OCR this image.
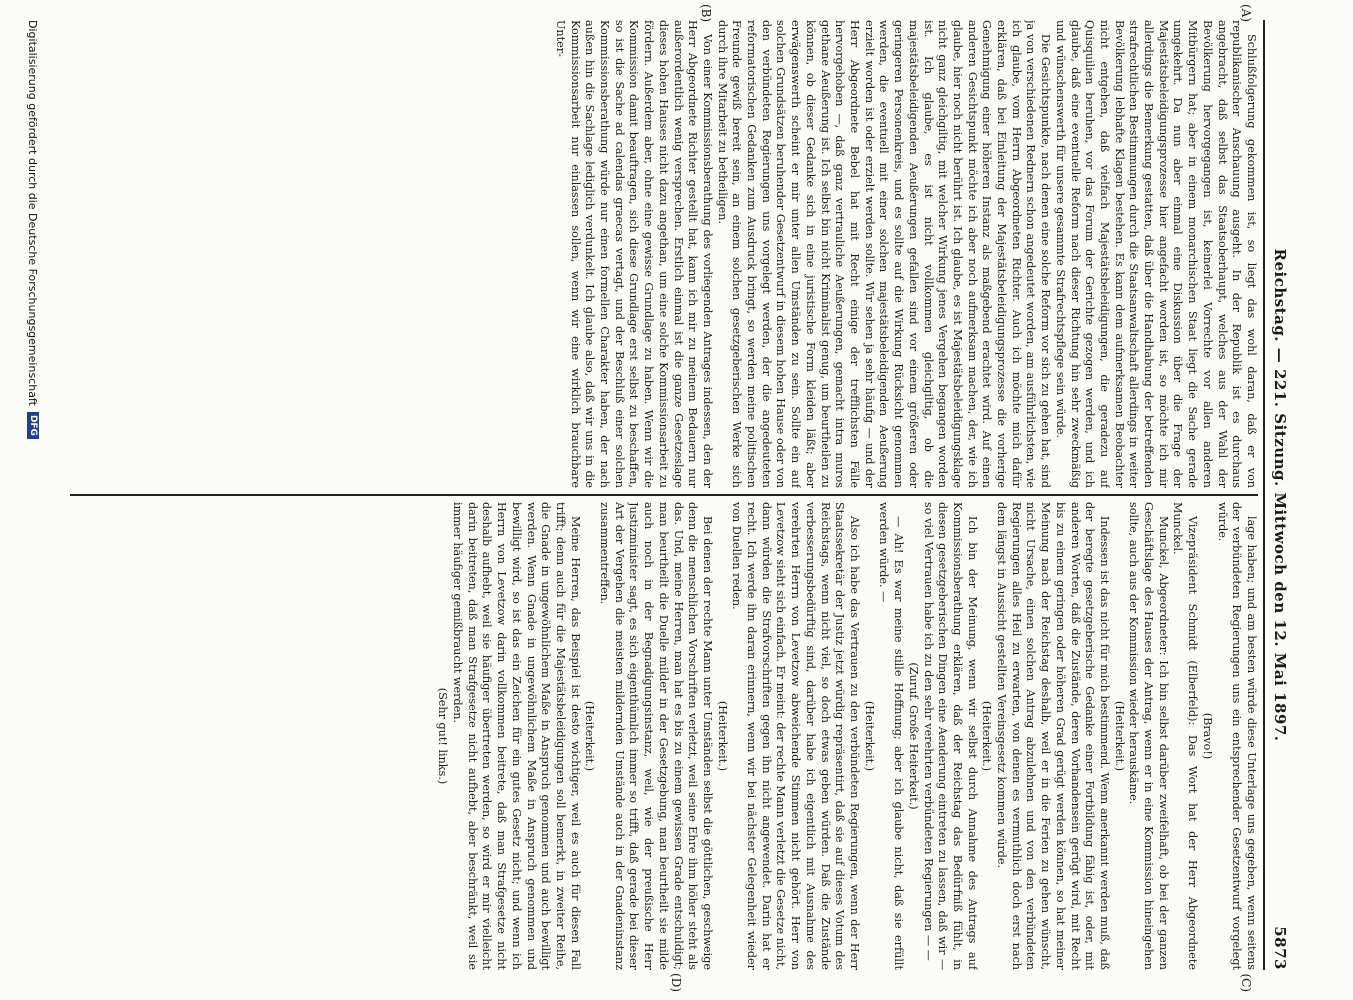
Reichstag. — 221. Sitzung. Mittwoch den 12. Mai 1897.
5873
(A)
(B)
(C)
(D)

Schlußfolgerung gekommen ist, so liegt das wohl daran, daß er von republikanischer Anschauung ausgeht. In der Republik ist es durchaus angebracht, daß selbst das Staatsoberhaupt, welches aus der Wahl der Bevölkerung hervorgegangen ist, keinerlei Vorrechte vor allen anderen Mitbürgern hat; aber in einem monarchischen Staat liegt die Sache gerade umgekehrt. Da nun aber einmal eine Diskussion über die Frage der Majestätsbeleidigungsprozesse hier angefacht worden ist, so möchte ich mir allerdings die Bemerkung gestatten, daß über die Handhabung der betreffenden strafrechtlichen Bestimmungen durch die Staatsanwaltschaft allerdings in weiter Bevölkerung lebhafte Klagen bestehen. Es kann dem aufmerksamen Beobachter nicht entgehen, daß vielfach Majestätsbeleidigungen, die geradezu auf Quisquilien beruhen, vor das Forum der Gerichte gezogen werden, und ich glaube, daß eine eventuelle Reform nach dieser Richtung hin sehr zweckmäßig und wünschenswerth für unsere gesammte Strafrechtspflege sein würde.

Die Gesichtspunkte, nach denen eine solche Reform vor sich zu gehen hat, sind ja von verschiedenen Rednern schon angedeutet worden, am ausführlichsten, wie ich glaube, vom Herrn Abgeordneten Richter. Auch ich möchte mich dafür erklären, daß bei Einleitung der Majestätsbeleidigungsprozesse die vorherige Genehmigung einer höheren Instanz als maßgebend erachtet wird. Auf einen anderen Gesichtspunkt möchte ich aber noch aufmerksam machen, der, wie ich glaube, hier noch nicht berührt ist. Ich glaube, es ist Majestätsbeleidigungsklage nicht ganz gleichgiltig, mit welcher Wirkung jenes Vergehen begangen worden ist. Ich glaube, es ist nicht vollkommen gleichgiltig, ob die majestätsbeleidigenden Aeußerungen gefallen sind vor einem größeren oder geringeren Personenkreis, und es sollte auf die Wirkung Rücksicht genommen werden, die eventuell mit einer solchen majestätsbeleidigenden Aeußerung erzielt worden ist oder erzielt werden sollte. Wir sehen ja sehr häufig — und der Herr Abgeordnete Bebel hat mit Recht einige der trefflichsten Fälle hervorgehoben —, daß ganz vertrauliche Aeußerungen, gemacht intra muros gethane Aeußerung ist. Ich selbst bin nicht Kriminalist genug, um beurtheilen zu können, ob dieser Gedanke sich in eine juristische Form kleiden läßt; aber erwägenswerth scheint er mir unter allen Umständen zu sein. Sollte ein auf solchen Grundsätzen beruhender Gesetzentwurf in diesem hohen Hause oder von den verbündeten Regierungen uns vorgelegt werden, der die angedeuteten reformatorischen Gedanken zum Ausdruck bringt, so werden meine politischen Freunde gewiß bereit sein, an einem solchen gesetzgeberischen Werke sich durch ihre Mitarbeit zu betheiligen.

Von einer Kommissionsberathung des vorliegenden Antrages indessen, den der Herr Abgeordnete Richter gestellt hat, kann ich mir zu meinem Bedauern nur außerordentlich wenig versprechen. Erstlich einmal ist die ganze Gesetzeslage dieses hohen Hauses nicht dazu angethan, um eine solche Kommissionsarbeit zu fördern. Außerdem aber, ohne eine gewisse Grundlage zu haben. Wenn wir die Kommission damit beauftragen, sich diese Grundlage erst selbst zu beschaffen, so ist die Sache ad calendas graecas vertagt, und der Beschluß einer solchen Kommissionsberathung würde nur einen formellen Charakter haben, der nach außen hin die Sachlage lediglich verdunkelt. Ich glaube also, daß wir uns in die Kommissionsarbeit nur einlassen sollen, wenn wir eine wirklich brauchbare Unter-

lage haben; und am besten würde diese Unterlage uns gegeben, wenn seitens der verbündeten Regierungen uns ein entsprechender Gesetzentwurf vorgelegt würde.

(Bravo!)

Vizepräsident Schmidt (Elberfeld): Das Wort hat der Herr Abgeordnete Munckel.

Munckel, Abgeordneter: Ich bin selbst darüber zweifelhaft, ob bei der ganzen Geschäftslage des Hauses der Antrag, wenn er in eine Kommission hineingehen sollte, auch aus der Kommission wieder herauskäme.

(Heiterkeit.)

Indessen ist das nicht für mich bestimmend. Wenn anerkannt werden muß, daß der beregte gesetzgeberische Gedanke einer Fortbildung fähig ist, oder, mit anderen Worten, daß die Zustände, deren Vorhandensein gerügt wird, mit Recht bis zu einem geringen oder höheren Grad gerügt werden können, so hat meiner Meinung nach der Reichstag deshalb, weil er in die Ferien zu gehen wünscht, nicht Ursache, einen solchen Antrag abzulehnen und von den verbündeten Regierungen alles Heil zu erwarten, von denen es vermuthlich doch erst nach dem längst in Aussicht gestellten Vereinsgesetz kommen würde.

(Heiterkeit.)

Ich bin der Meinung, wenn wir selbst durch Annahme des Antrags auf Kommissionsberathung erklären, daß der Reichstag das Bedürfniß fühlt, in diesen gesetzgeberischen Dingen eine Aenderung eintreten zu lassen, daß wir — so viel Vertrauen habe ich zu den sehr verehrten verbündeten Regierungen — —

(Zuruf. Große Heiterkeit.)

— Ah! Es war meine stille Hoffnung; aber ich glaube nicht, daß sie erfüllt werden würde. —

(Heiterkeit.)

Also ich habe das Vertrauen zu den verbündeten Regierungen, wenn der Herr Staatssekretär der Justiz jetzt würdig repräsentirt, daß sie auf dieses Votum des Reichstags, wenn nicht viel, so doch etwas geben würden. Daß die Zustände verbesserungsbedürftig sind, darüber habe ich eigentlich mit Ausnahme des verehrten Herrn von Levetzow abweichende Stimmen nicht gehört. Herr von Levetzow sieht sich einfach. Er meint: der rechte Mann verletzt die Gesetze nicht, dann würden die Strafvorschriften gegen ihn nicht angewendet. Darin hat er recht. Ich werde ihn daran erinnern, wenn wir bei nächster Gelegenheit wieder von Duellen reden.

(Heiterkeit.)

Bei denen der rechte Mann unter Umständen selbst die göttlichen, geschweige denn die menschlichen Vorschriften verletzt, weil seine Ehre ihm höher steht als das. Und, meine Herren, man hat es bis zu einem gewissen Grade entschuldigt; man beurtheilt die Duelle milder in der Gesetzgebung, man beurtheilt sie milde auch noch in der Begnadigungsinstanz, weil, wie der preußische Herr Justizminister sagt, es sich eigenthümlich immer so trifft, daß gerade bei dieser Art der Vergehen die meisten mildernden Umstände auch in der Gnadeninstanz zusammentreffen.

(Heiterkeit.)

Meine Herren, das Beispiel ist desto wichtiger, weil es auch für diesen Fall trifft; denn auch für die Majestätsbeleidigungen soll bemerkt, in zweiter Reihe, die Gnade in ungewöhnlichem Maße in Anspruch genommen und auch bewilligt werden. Wenn Gnade in ungewöhnlichem Maße in Anspruch genommen und bewilligt wird, so ist das ein Zeichen für ein gutes Gesetz nicht; und wenn ich Herrn von Levetzow darin vollkommen beitrete, daß man Strafgesetze nicht deshalb aufhebt, weil sie häufiger übertreten werden, so wird er mir vielleicht darin beitreten, daß man Strafgesetze nicht aufhebt, aber beschränkt, weil sie immer häufiger gemißbraucht werden.

(Sehr gut! links.)

Digitalisierung gefördert durch die Deutsche Forschungsgemeinschaft
DFG
